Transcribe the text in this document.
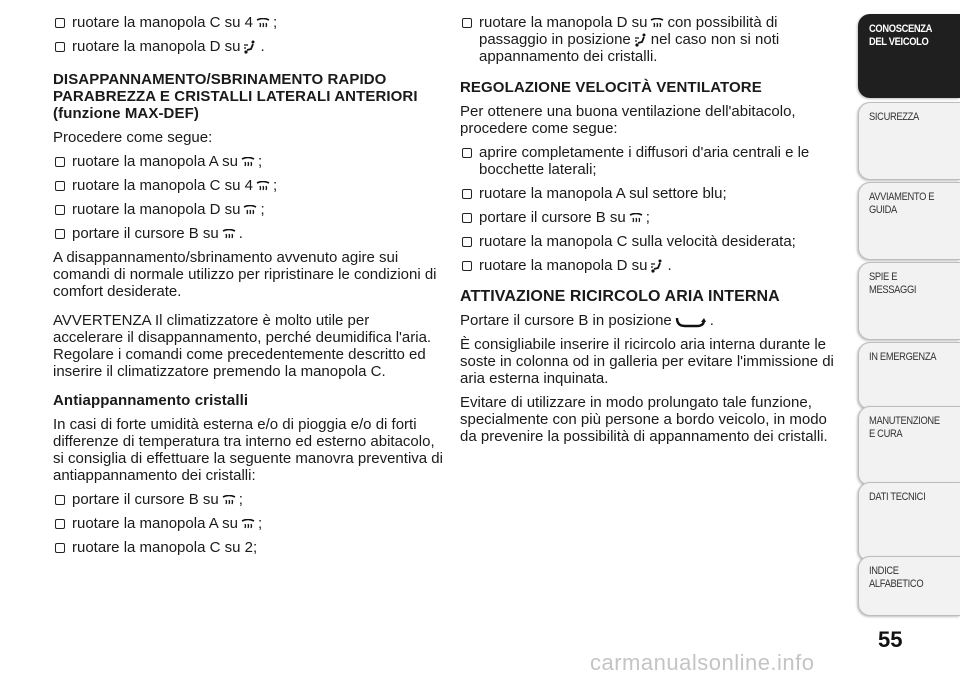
ruotare la manopola C su 4 ;
ruotare la manopola D su .
DISAPPANNAMENTO/SBRINAMENTO RAPIDO PARABREZZA E CRISTALLI LATERALI ANTERIORI (funzione MAX-DEF)
Procedere come segue:
ruotare la manopola A su ;
ruotare la manopola C su 4 ;
ruotare la manopola D su ;
portare il cursore B su .
A disappannamento/sbrinamento avvenuto agire sui comandi di normale utilizzo per ripristinare le condizioni di comfort desiderate.
AVVERTENZA Il climatizzatore è molto utile per accelerare il disappannamento, perché deumidifica l'aria. Regolare i comandi come precedentemente descritto ed inserire il climatizzatore premendo la manopola C.
Antiappannamento cristalli
In casi di forte umidità esterna e/o di pioggia e/o di forti differenze di temperatura tra interno ed esterno abitacolo, si consiglia di effettuare la seguente manovra preventiva di antiappannamento dei cristalli:
portare il cursore B su ;
ruotare la manopola A su ;
ruotare la manopola C su 2;
ruotare la manopola D su con possibilità di passaggio in posizione nel caso non si noti appannamento dei cristalli.
REGOLAZIONE VELOCITÀ VENTILATORE
Per ottenere una buona ventilazione dell'abitacolo, procedere come segue:
aprire completamente i diffusori d'aria centrali e le bocchette laterali;
ruotare la manopola A sul settore blu;
portare il cursore B su ;
ruotare la manopola C sulla velocità desiderata;
ruotare la manopola D su .
ATTIVAZIONE RICIRCOLO ARIA INTERNA
Portare il cursore B in posizione	.
È consigliabile inserire il ricircolo aria interna durante le soste in colonna od in galleria per evitare l'immissione di aria esterna inquinata.
Evitare di utilizzare in modo prolungato tale funzione, specialmente con più persone a bordo veicolo, in modo da prevenire la possibilità di appannamento dei cristalli.
CONOSCENZA DEL VEICOLO
SICUREZZA
AVVIAMENTO E GUIDA
SPIE E MESSAGGI
IN EMERGENZA
MANUTENZIONE E CURA
DATI TECNICI
INDICE ALFABETICO
55
carmanualsonline.info
